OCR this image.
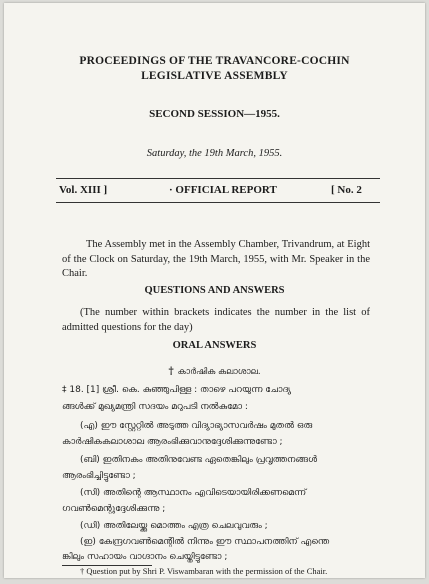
PROCEEDINGS OF THE TRAVANCORE-COCHIN
LEGISLATIVE ASSEMBLY
SECOND SESSION—1955.
Saturday, the 19th March, 1955.
Vol. XIII ]	· OFFICIAL REPORT	[ No. 2
The Assembly met in the Assembly Chamber, Trivandrum, at Eight of the Clock on Saturday, the 19th March, 1955, with Mr. Speaker in the Chair.
QUESTIONS AND ANSWERS
(The number within brackets indicates the number in the list of admitted questions for the day)
ORAL ANSWERS
† കാർഷിക കലാശാല.
‡ 18. [1] ശ്രീ. കെ. കുഞ്ഞുപിള്ള : താഴെ പറയുന്ന ചോദ്യ
ങ്ങൾക്ക് മുഖ്യമന്ത്രി സദയം മറുപടി നൽകുമോ :
(എ) ഈ സ്റ്റേറ്റിൽ അടുത്ത വിദ്യാഭ്യാസവർഷം മുതൽ ഒരു
കാർഷികകലാശാല ആരംഭിക്കുവാനുദ്ദേശിക്കുന്നുണ്ടോ ;
(ബി) ഇതിനകം അതിനുവേണ്ട ഏതെങ്കിലും പ്രവൃത്തനങ്ങൾ
ആരംഭിച്ചിട്ടുണ്ടോ ;
(സി) അതിന്റെ ആസ്ഥാനം എവിടെയായിരിക്കണമെന്ന്
ഗവൺമെന്റുദ്ദേശിക്കുന്നു ;
(ഡി) അതിലേയ്ക്കു മൊത്തം എത്ര ചെലവുവരും ;
(ഇ) കേന്ദ്രഗവൺമെന്റിൽ നിന്നും ഈ സ്ഥാപനത്തിന് എന്തെ
ങ്കിലും സഹായം വാഗ്ദാനം ചെയ്തിട്ടുണ്ടോ ;
† Question put by Shri P. Viswambaran with the permission of the Chair.
